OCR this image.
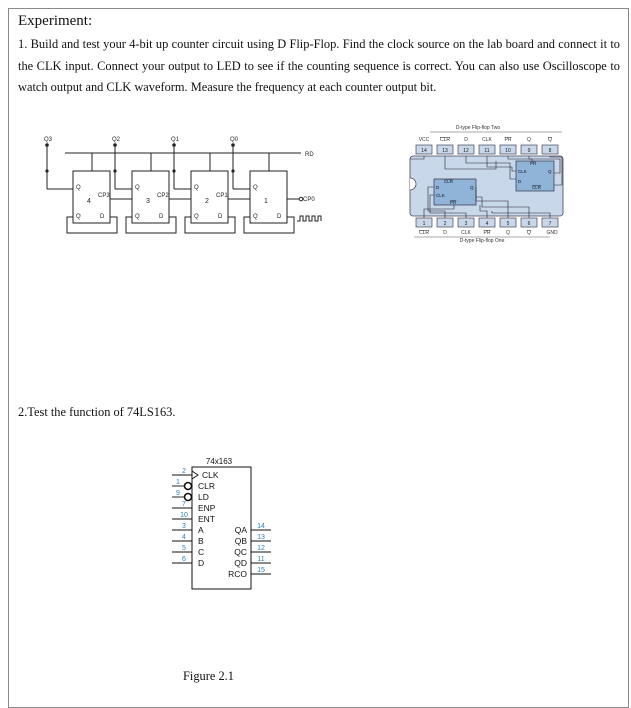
Experiment:
1. Build and test your 4-bit up counter circuit using D Flip-Flop. Find the clock source on the lab board and connect it to the CLK input. Connect your output to LED to see if the counting sequence is correct. You can also use Oscilloscope to watch output and CLK waveform. Measure the frequency at each counter output bit.
Q3	Q2	Q1	Q0
RD
CP0
Q	Q	Q	Q
4	3	2	1
CP3	CP2	CP1
Q	Q	Q	Q
D	D	D	D
D-type Flip-flop Two
VCC CLR	D	CLK	PR	Q	Q
14	13	12	11	10	9	8
1	2	3	4	5	6	7
CLR
D
CLK
PR
Q
PR
CLK
D
CLR
Q
CLR	D	CLK	PR	Q	Q	GND
D-type Flip-flop One
2.Test the function of 74LS163.
74x163
2
1
9
7
10
3
4
5
6
14
13
12
11
15
CLK
CLR
LD
ENP
ENT
A
B
C
D
QA
QB
QC
QD
RCO
Figure 2.1
